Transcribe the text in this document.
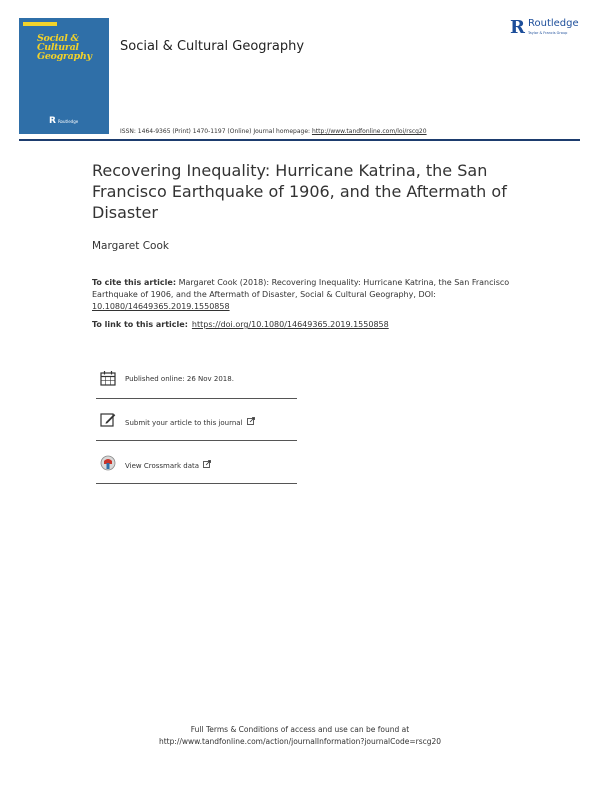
Social &
Cultural
Geography
R Routledge
Social & Cultural Geography
R Routledge
Taylor & Francis Group
ISSN: 1464-9365 (Print) 1470-1197 (Online) Journal homepage: http://www.tandfonline.com/loi/rscg20
Recovering Inequality: Hurricane Katrina, the San Francisco Earthquake of 1906, and the Aftermath of Disaster
Margaret Cook
To cite this article: Margaret Cook (2018): Recovering Inequality: Hurricane Katrina, the San Francisco Earthquake of 1906, and the Aftermath of Disaster, Social & Cultural Geography, DOI: 10.1080/14649365.2019.1550858
To link to this article: https://doi.org/10.1080/14649365.2019.1550858
Published online: 26 Nov 2018.
Submit your article to this journal
View Crossmark data
Full Terms & Conditions of access and use can be found at
http://www.tandfonline.com/action/journalInformation?journalCode=rscg20
